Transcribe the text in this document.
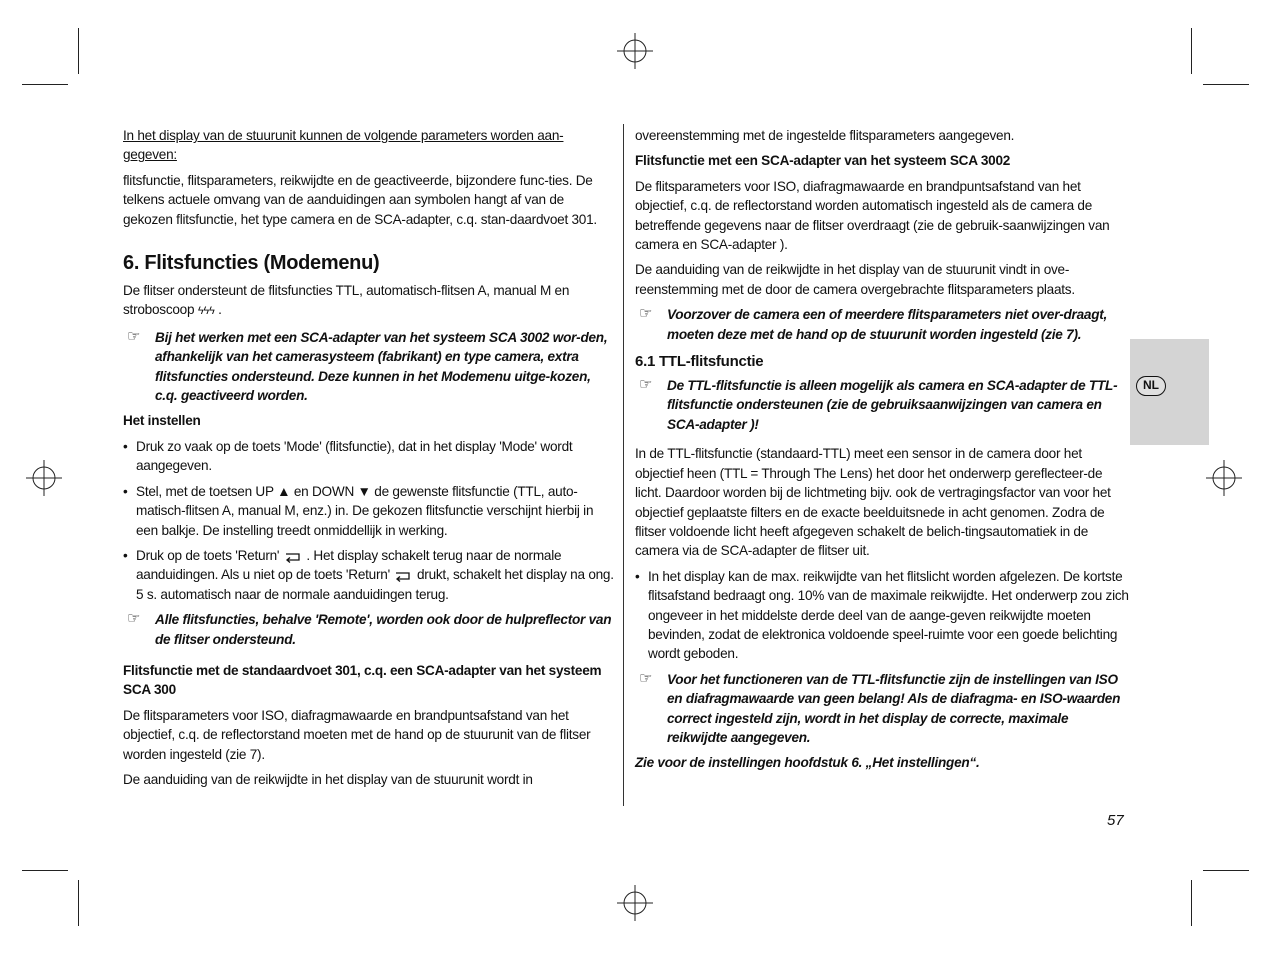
In het display van de stuurunit kunnen de volgende parameters worden aan-gegeven:

flitsfunctie, flitsparameters, reikwijdte en de geactiveerde, bijzondere func-ties. De telkens actuele omvang van de aanduidingen aan symbolen hangt af van de gekozen flitsfunctie, het type camera en de SCA-adapter, c.q. stan-daardvoet 301.

6. Flitsfuncties (Modemenu)

De flitser ondersteunt de flitsfuncties TTL, automatisch-flitsen A, manual M en stroboscoop ϟϟϟ .

☞ Bij het werken met een SCA-adapter van het systeem SCA 3002 wor-den, afhankelijk van het camerasysteem (fabrikant) en type camera, extra flitsfuncties ondersteund. Deze kunnen in het Modemenu uitge-kozen, c.q. geactiveerd worden.

Het instellen

• Druk zo vaak op de toets 'Mode' (flitsfunctie), dat in het display 'Mode' wordt aangegeven.
• Stel, met de toetsen UP ▲ en DOWN ▼ de gewenste flitsfunctie (TTL, auto-matisch-flitsen A, manual M, enz.) in. De gekozen flitsfunctie verschijnt hierbij in een balkje. De instelling treedt onmiddellijk in werking.
• Druk op de toets 'Return' . Het display schakelt terug naar de normale aanduidingen. Als u niet op de toets 'Return' drukt, schakelt het display na ong. 5 s. automatisch naar de normale aanduidingen terug.
☞ Alle flitsfuncties, behalve 'Remote', worden ook door de hulpreflector van de flitser ondersteund.

Flitsfunctie met de standaardvoet 301, c.q. een SCA-adapter van het systeem SCA 300

De flitsparameters voor ISO, diafragmawaarde en brandpuntsafstand van het objectief, c.q. de reflectorstand moeten met de hand op de stuurunit van de flitser worden ingesteld (zie 7).

De aanduiding van de reikwijdte in het display van de stuurunit wordt in

overeenstemming met de ingestelde flitsparameters aangegeven.

Flitsfunctie met een SCA-adapter van het systeem SCA 3002

De flitsparameters voor ISO, diafragmawaarde en brandpuntsafstand van het objectief, c.q. de reflectorstand worden automatisch ingesteld als de camera de betreffende gegevens naar de flitser overdraagt (zie de gebruik-saanwijzingen van camera en SCA-adapter ).

De aanduiding van de reikwijdte in het display van de stuurunit vindt in ove-reenstemming met de door de camera overgebrachte flitsparameters plaats.

☞ Voorzover de camera een of meerdere flitsparameters niet over-draagt, moeten deze met de hand op de stuurunit worden ingesteld (zie 7).
6.1 TTL-flitsfunctie
☞ De TTL-flitsfunctie is alleen mogelijk als camera en SCA-adapter de TTL-flitsfunctie ondersteunen (zie de gebruiksaanwijzingen van camera en SCA-adapter )!

In de TTL-flitsfunctie (standaard-TTL) meet een sensor in de camera door het objectief heen (TTL = Through The Lens) het door het onderwerp gereflecteer-de licht. Daardoor worden bij de lichtmeting bijv. ook de vertragingsfactor van voor het objectief geplaatste filters en de exacte beelduitsnede in acht genomen. Zodra de flitser voldoende licht heeft afgegeven schakelt de belich-tingsautomatiek in de camera via de SCA-adapter de flitser uit.

• In het display kan de max. reikwijdte van het flitslicht worden afgelezen. De kortste flitsafstand bedraagt ong. 10% van de maximale reikwijdte. Het onderwerp zou zich ongeveer in het middelste derde deel van de aange-geven reikwijdte moeten bevinden, zodat de elektronica voldoende speel-ruimte voor een goede belichting wordt geboden.
☞ Voor het functioneren van de TTL-flitsfunctie zijn de instellingen van ISO en diafragmawaarde van geen belang! Als de diafragma- en ISO-waarden correct ingesteld zijn, wordt in het display de correcte, maximale reikwijdte aangegeven.

Zie voor de instellingen hoofdstuk 6. „Het instellingen“.

NL
57
